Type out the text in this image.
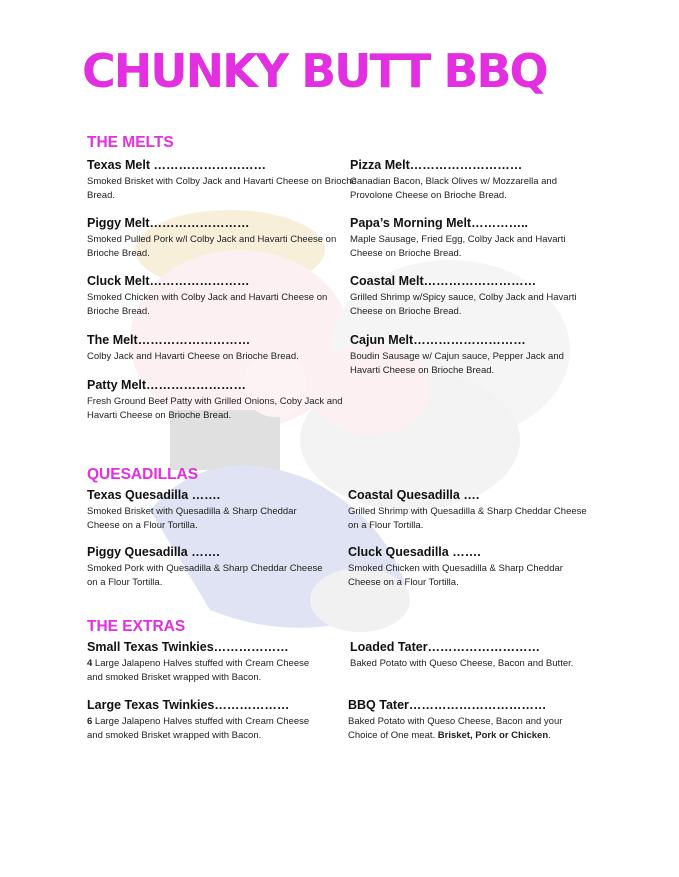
CHUNKY BUTT BBQ
THE MELTS
Texas Melt ………………………
Smoked Brisket with Colby Jack and Havarti Cheese on Brioche Bread.
Pizza Melt………………………
Canadian Bacon, Black Olives w/ Mozzarella and Provolone Cheese on Brioche Bread.
Piggy Melt……………………
Smoked Pulled Pork w/l Colby Jack and Havarti Cheese on Brioche Bread.
Papa’s Morning Melt…………..
Maple Sausage, Fried Egg, Colby Jack and Havarti Cheese on Brioche Bread.
Cluck Melt……………………
Smoked Chicken with Colby Jack and Havarti Cheese on Brioche Bread.
Coastal Melt………………………
Grilled Shrimp w/Spicy sauce, Colby Jack and Havarti Cheese on Brioche Bread.
The Melt………………………
Colby Jack and Havarti Cheese on Brioche Bread.
Cajun Melt………………………
Boudin Sausage w/ Cajun sauce, Pepper Jack and Havarti Cheese on Brioche Bread.
Patty Melt……………………
Fresh Ground Beef Patty with Grilled Onions, Coby Jack and Havarti Cheese on Brioche Bread.
QUESADILLAS
Texas Quesadilla …….
Smoked Brisket with Quesadilla & Sharp Cheddar Cheese on a Flour Tortilla.
Coastal Quesadilla ….
Grilled Shrimp with Quesadilla & Sharp Cheddar Cheese on a Flour Tortilla.
Piggy Quesadilla …….
Smoked Pork with Quesadilla & Sharp Cheddar Cheese on a Flour Tortilla.
Cluck Quesadilla …….
Smoked Chicken with Quesadilla & Sharp Cheddar Cheese on a Flour Tortilla.
THE EXTRAS
Small Texas Twinkies………………
4 Large Jalapeno Halves stuffed with Cream Cheese and smoked Brisket wrapped with Bacon.
Loaded Tater………………………
Baked Potato with Queso Cheese, Bacon and Butter.
Large Texas Twinkies………………
6 Large Jalapeno Halves stuffed with Cream Cheese and smoked Brisket wrapped with Bacon.
BBQ Tater……………………………
Baked Potato with Queso Cheese, Bacon and your Choice of One meat. Brisket, Pork or Chicken.
